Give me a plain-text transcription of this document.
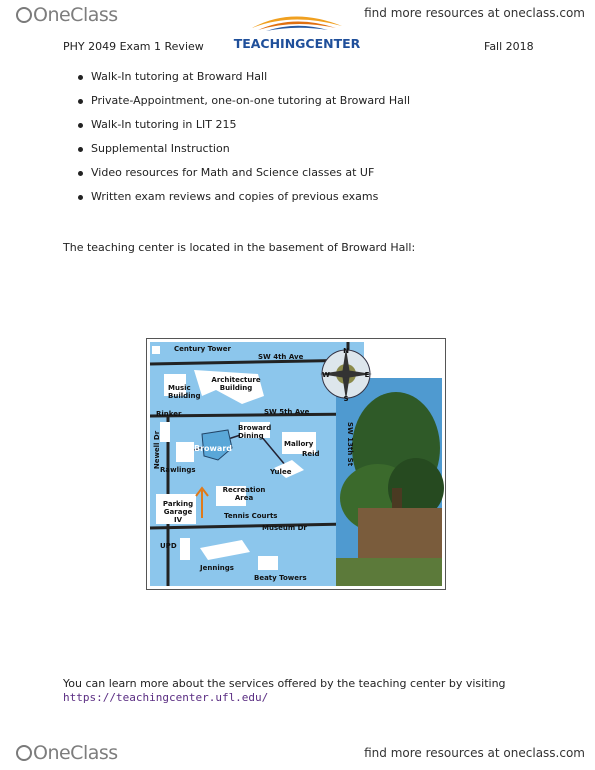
OneClass	find more resources at oneclass.com
TEACHINGCENTER
PHY 2049 Exam 1 Review	Fall 2018
Walk-In tutoring at Broward Hall
Private-Appointment, one-on-one tutoring at Broward Hall
Walk-In tutoring in LIT 215
Supplemental Instruction
Video resources for Math and Science classes at UF
Written exam reviews and copies of previous exams
The teaching center is located in the basement of Broward Hall:
N
S
W	E
Century Tower
SW 4th Ave
Architecture Building
Music Building
Rinker	SW 5th Ave
Broward Dining
Broward	Mallory
Reid
Newell Dr	SW 13th St
Rawlings	Yulee
Recreation Area
Parking Garage IV	Tennis Courts
Museum Dr
UPD
Jennings
Beaty Towers
You can learn more about the services offered by the teaching center by visiting
https://teachingcenter.ufl.edu/
OneClass	find more resources at oneclass.com
